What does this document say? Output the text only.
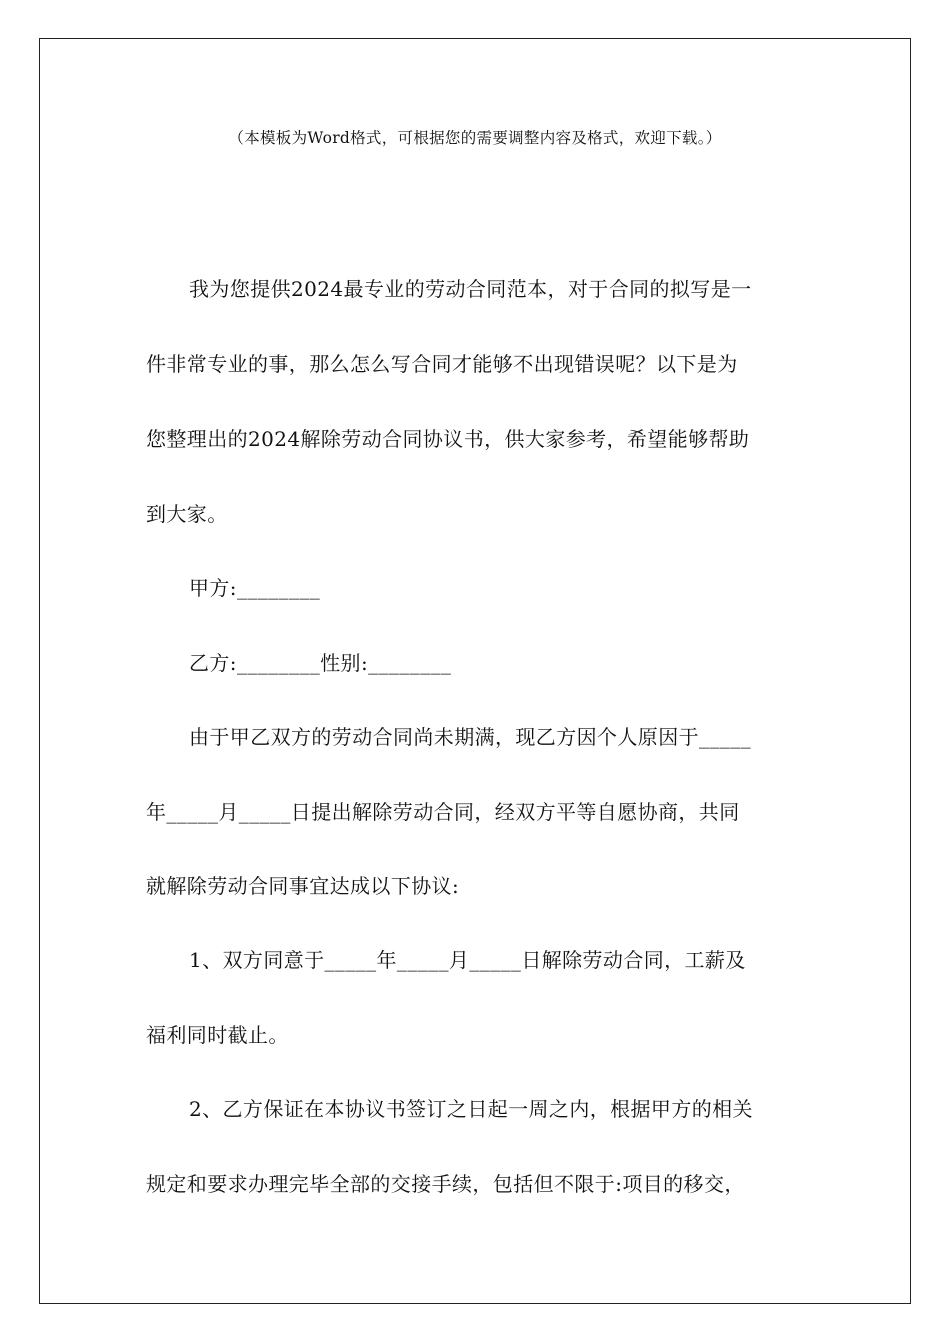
（本模板为Word格式，可根据您的需要调整内容及格式，欢迎下载。）
我为您提供2024最专业的劳动合同范本，对于合同的拟写是一
件非常专业的事，那么怎么写合同才能够不出现错误呢？以下是为
您整理出的2024解除劳动合同协议书，供大家参考，希望能够帮助
到大家。
甲方:________
乙方:________性别:________
由于甲乙双方的劳动合同尚未期满，现乙方因个人原因于_____
年_____月_____日提出解除劳动合同，经双方平等自愿协商，共同
就解除劳动合同事宜达成以下协议:
1、双方同意于_____年_____月_____日解除劳动合同，工薪及
福利同时截止。
2、乙方保证在本协议书签订之日起一周之内，根据甲方的相关
规定和要求办理完毕全部的交接手续，包括但不限于:项目的移交，
